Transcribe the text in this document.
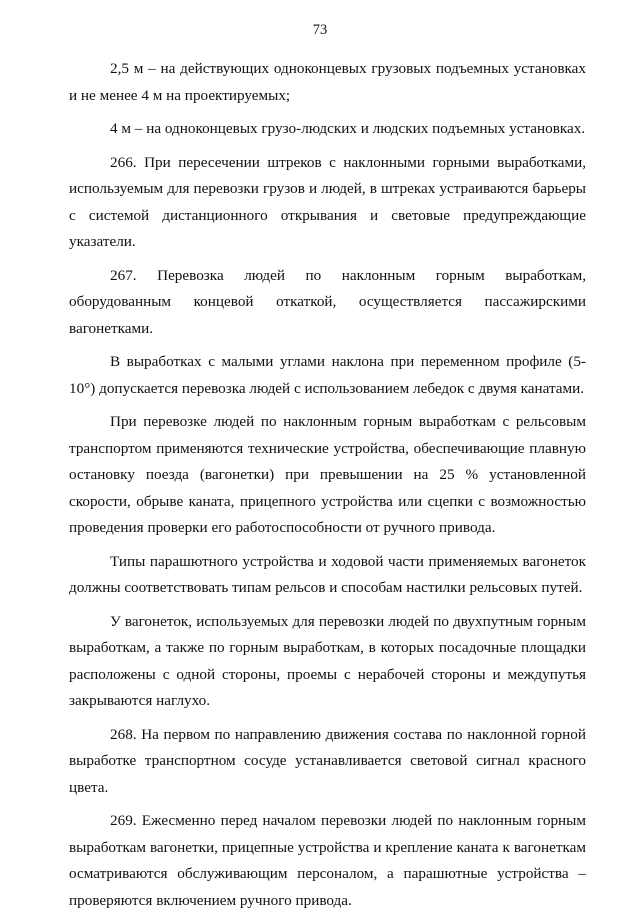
73

2,5 м – на действующих одноконцевых грузовых подъемных установках и не менее 4 м на проектируемых;

4 м – на одноконцевых грузо-людских и людских подъемных установках.

266. При пересечении штреков с наклонными горными выработками, используемым для перевозки грузов и людей, в штреках устраиваются барьеры с системой дистанционного открывания и световые предупреждающие указатели.

267. Перевозка людей по наклонным горным выработкам, оборудованным концевой откаткой, осуществляется пассажирскими вагонетками.

В выработках с малыми углами наклона при переменном профиле (5-10°) допускается перевозка людей с использованием лебедок с двумя канатами.

При перевозке людей по наклонным горным выработкам с рельсовым транспортом применяются технические устройства, обеспечивающие плавную остановку поезда (вагонетки) при превышении на 25 % установленной скорости, обрыве каната, прицепного устройства или сцепки с возможностью проведения проверки его работоспособности от ручного привода.

Типы парашютного устройства и ходовой части применяемых вагонеток должны соответствовать типам рельсов и способам настилки рельсовых путей.

У вагонеток, используемых для перевозки людей по двухпутным горным выработкам, а также по горным выработкам, в которых посадочные площадки расположены с одной стороны, проемы с нерабочей стороны и междупутья закрываются наглухо.

268. На первом по направлению движения состава по наклонной горной выработке транспортном сосуде устанавливается световой сигнал красного цвета.

269. Ежесменно перед началом перевозки людей по наклонным горным выработкам вагонетки, прицепные устройства и крепление каната к вагонеткам осматриваются обслуживающим персоналом, а парашютные устройства – проверяются включением ручного привода.
